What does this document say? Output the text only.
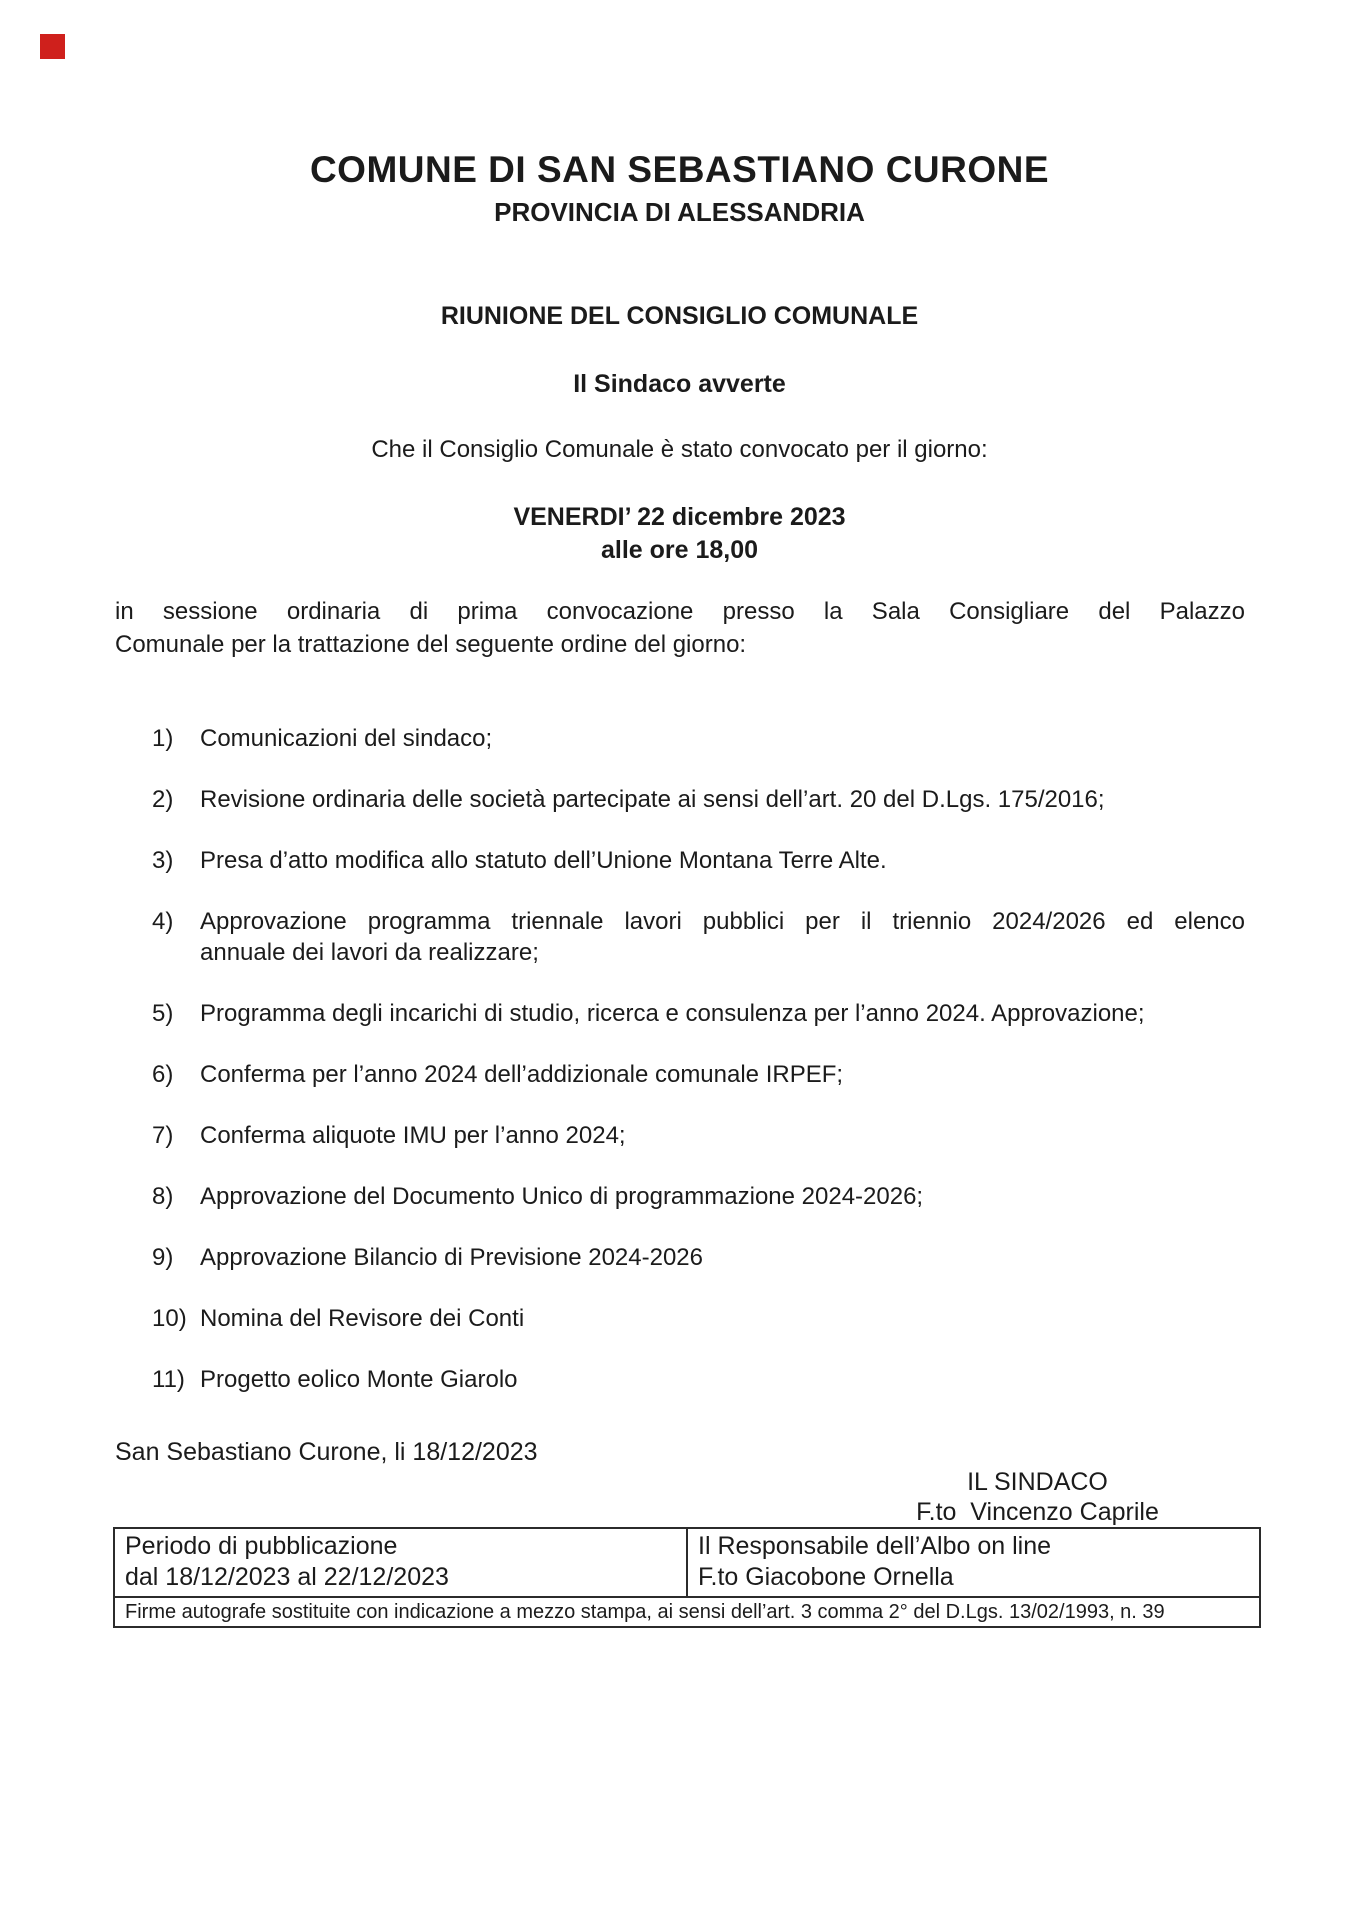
COMUNE DI SAN SEBASTIANO CURONE
PROVINCIA DI ALESSANDRIA
RIUNIONE DEL CONSIGLIO COMUNALE
Il Sindaco avverte
Che il Consiglio Comunale è stato convocato per il giorno:
VENERDI’ 22 dicembre 2023
alle ore 18,00
in sessione ordinaria di prima convocazione presso la Sala Consigliare del Palazzo
Comunale per la trattazione del seguente ordine del giorno:
1)	Comunicazioni del sindaco;
2)	Revisione ordinaria delle società partecipate ai sensi dell’art. 20 del D.Lgs. 175/2016;
3)	Presa d’atto modifica allo statuto dell’Unione Montana Terre Alte.
4)	Approvazione programma triennale lavori pubblici per il triennio 2024/2026 ed elenco
annuale dei lavori da realizzare;
5)	Programma degli incarichi di studio, ricerca e consulenza per l’anno 2024. Approvazione;
6)	Conferma per l’anno 2024 dell’addizionale comunale IRPEF;
7)	Conferma aliquote IMU per l’anno 2024;
8)	Approvazione del Documento Unico di programmazione 2024-2026;
9)	Approvazione Bilancio di Previsione 2024-2026
10) Nomina del Revisore dei Conti
11) Progetto eolico Monte Giarolo
San Sebastiano Curone, li 18/12/2023
IL SINDACO
F.to  Vincenzo Caprile
Periodo di pubblicazione
dal 18/12/2023 al 22/12/2023

Il Responsabile dell’Albo on line
F.to Giacobone Ornella

Firme autografe sostituite con indicazione a mezzo stampa, ai sensi dell’art. 3 comma 2° del D.Lgs. 13/02/1993, n. 39
